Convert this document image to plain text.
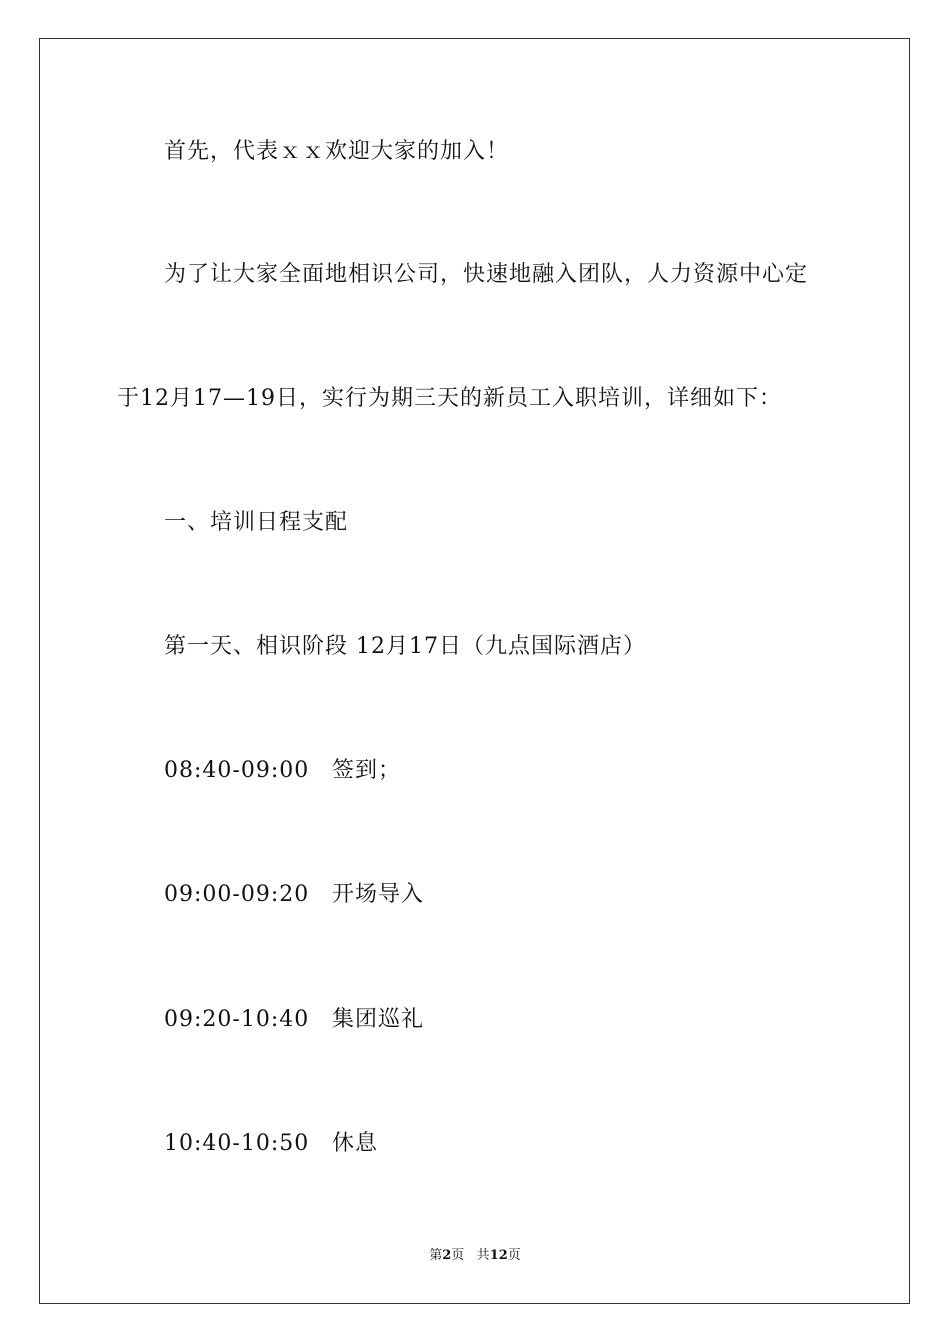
首先，代表ｘｘ欢迎大家的加入！
为了让大家全面地相识公司，快速地融入团队，人力资源中心定
于12月17—19日，实行为期三天的新员工入职培训，详细如下：
一、培训日程支配
第一天、相识阶段 12月17日（九点国际酒店）
08:40-09:00 签到；
09:00-09:20 开场导入
09:20-10:40 集团巡礼
10:40-10:50 休息
第2页 共12页
